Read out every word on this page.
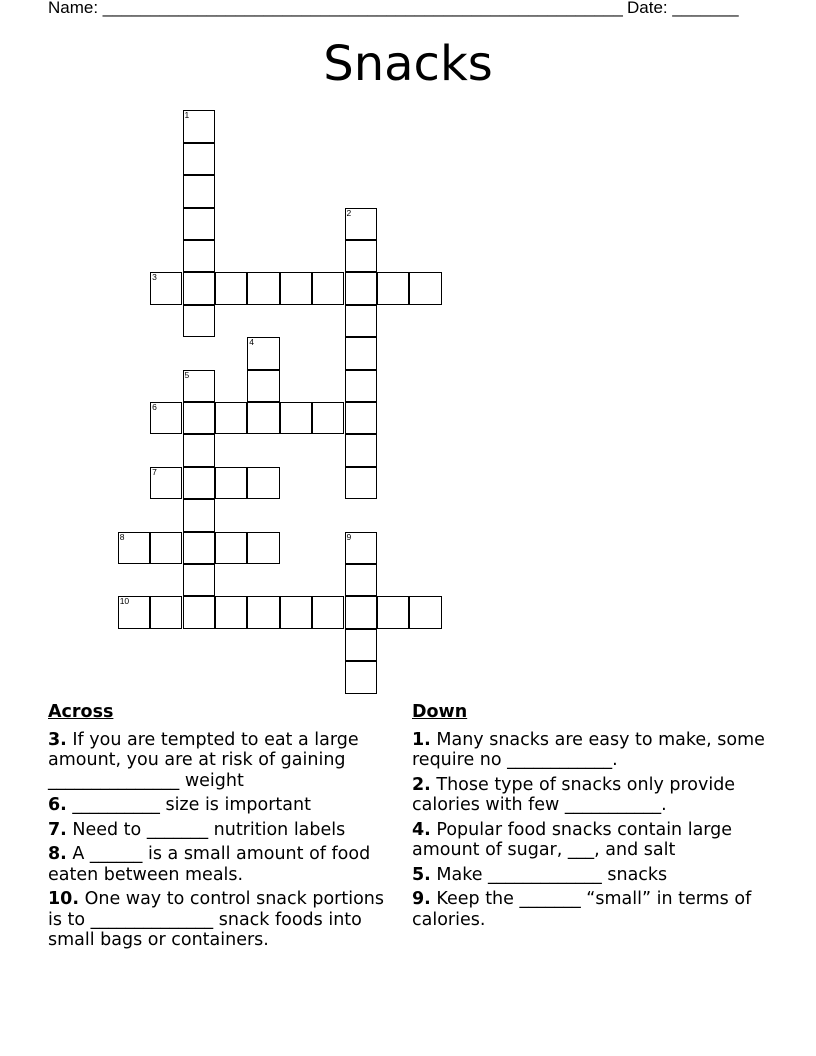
Name: _______________________________________________________ Date: _______
Snacks
1
3
2
4
5
6
7
8	9
10
Across
3. If you are tempted to eat a large amount, you are at risk of gaining _______________ weight
6. __________ size is important
7. Need to _______ nutrition labels
8. A ______ is a small amount of food eaten between meals.
10. One way to control snack portions is to ______________ snack foods into small bags or containers.
Down
1. Many snacks are easy to make, some require no ____________.
2. Those type of snacks only provide calories with few ___________.
4. Popular food snacks contain large amount of sugar, ___, and salt
5. Make _____________ snacks
9. Keep the _______ “small” in terms of calories.
